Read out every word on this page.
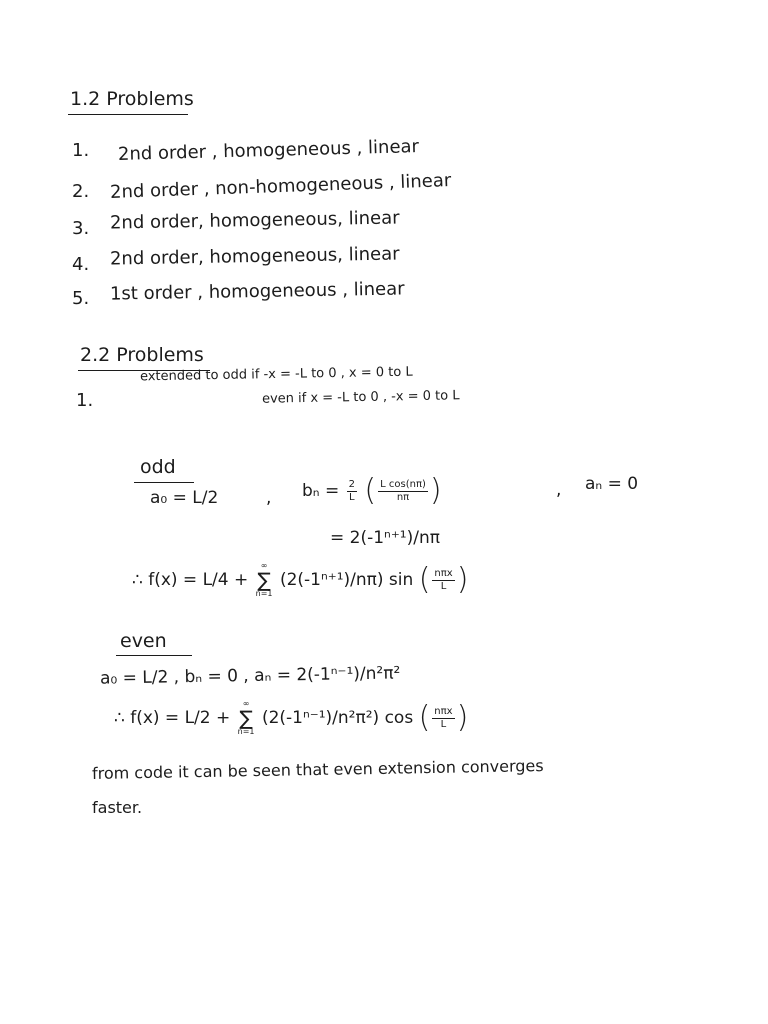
1.2 Problems
1. 2nd order , homogeneous , linear
2. 2nd order , non-homogeneous , linear
3. 2nd order, homogeneous, linear
4. 2nd order, homogeneous, linear
5. 1st order , homogeneous , linear
2.2 Problems
1.
extended to odd if -x = -L to 0 , x = 0 to L
even if x = -L to 0 , -x = 0 to L
odd
a₀ = L/2	, $b_n = \frac{2}{L}$ ( $\frac{\text{L cos(nπ)}}{n\pi}$ )	, aₙ = 0
= 2(-1ⁿ⁺¹)/nπ
∴ f(x) = L/4 +
∞
∑
n=1
(2(-1ⁿ⁺¹)/nπ) sin ( $\frac{\text{nπx}}{L}$ )
even
a₀ = L/2 , bₙ = 0 , aₙ = 2(-1ⁿ⁻¹)/n²π²
∴ f(x) = L/2 +
∞
∑
n=1
(2(-1ⁿ⁻¹)/n²π²) cos ( $\frac{\text{nπx}}{L}$ )
from code it can be seen that even extension converges
faster.
